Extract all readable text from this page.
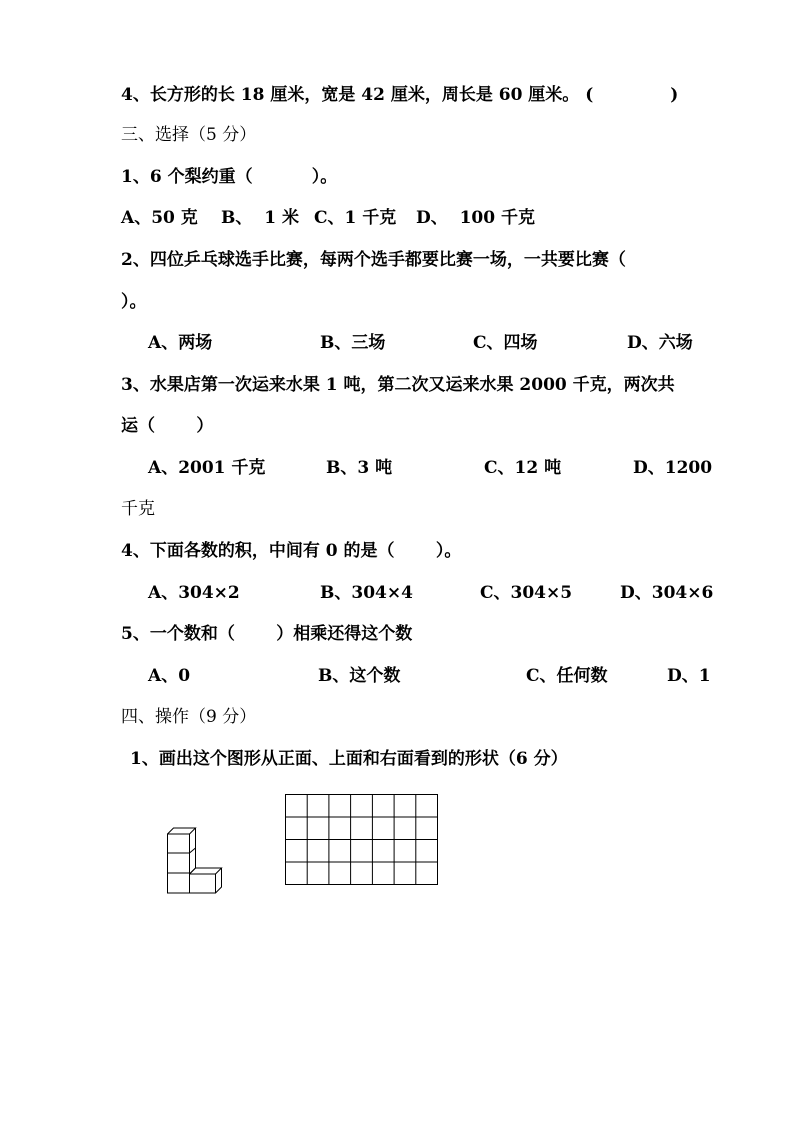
4、长方形的长 18 厘米，宽是 42 厘米，周长是 60 厘米。 (             )
三、选择（5 分）
1、6 个梨约重（          ）。
A、50 克 B、  1 米 C、1 千克 D、  100 千克
2、四位乒乓球选手比赛，每两个选手都要比赛一场，一共要比赛（
）。
A、两场	B、三场	C、四场	D、六场
3、水果店第一次运来水果 1 吨，第二次又运来水果 2000 千克，两次共
运（       ）
A、2001 千克	B、3 吨	C、12 吨	D、1200
千克
4、下面各数的积，中间有 0 的是（       ）。
A、304×2	B、304×4	C、304×5	D、304×6
5、一个数和（       ）相乘还得这个数
A、0	B、这个数	C、任何数	D、1
四、操作（9 分）
1、画出这个图形从正面、上面和右面看到的形状（6 分）
